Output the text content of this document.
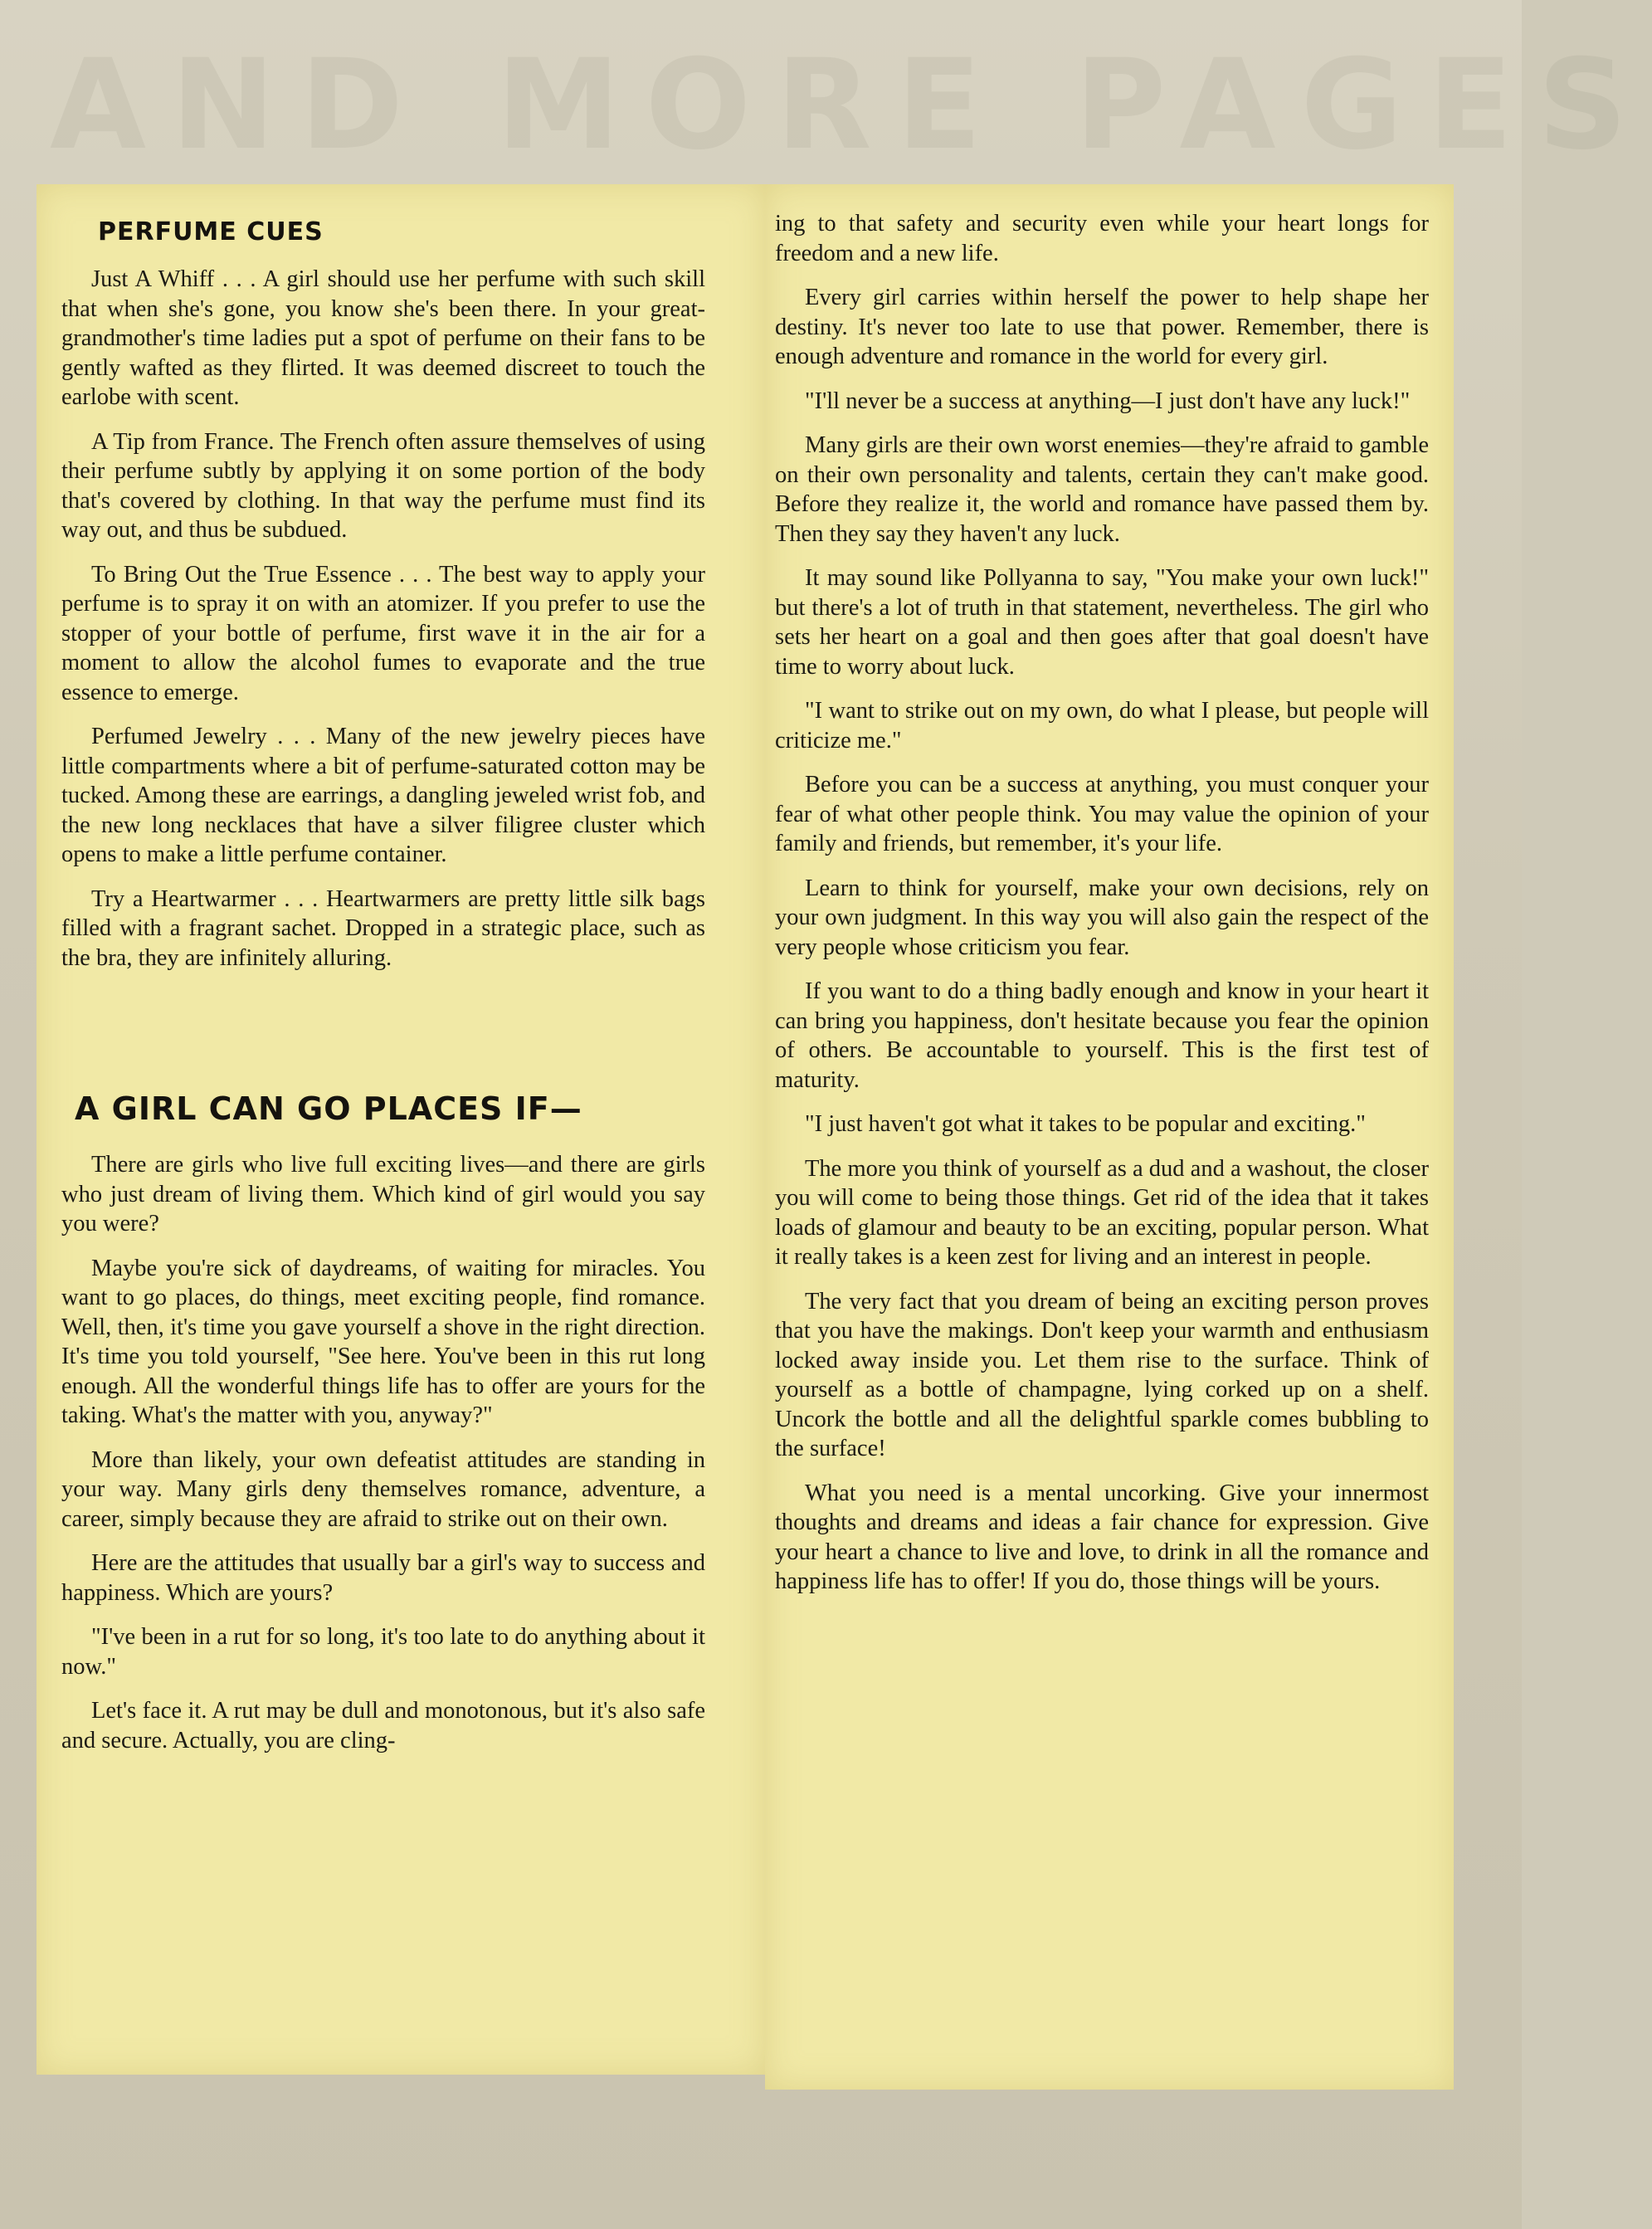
AND MORE PAGES
PERFUME CUES

Just A Whiff . . . A girl should use her perfume with such skill that when she's gone, you know she's been there. In your great-grandmother's time ladies put a spot of perfume on their fans to be gently wafted as they flirted. It was deemed discreet to touch the earlobe with scent.

A Tip from France. The French often assure themselves of using their perfume subtly by applying it on some portion of the body that's covered by clothing. In that way the perfume must find its way out, and thus be subdued.

To Bring Out the True Essence . . . The best way to apply your perfume is to spray it on with an atomizer. If you prefer to use the stopper of your bottle of perfume, first wave it in the air for a moment to allow the alcohol fumes to evaporate and the true essence to emerge.

Perfumed Jewelry . . . Many of the new jewelry pieces have little compartments where a bit of perfume-saturated cotton may be tucked. Among these are earrings, a dangling jeweled wrist fob, and the new long necklaces that have a silver filigree cluster which opens to make a little perfume container.

Try a Heartwarmer . . . Heartwarmers are pretty little silk bags filled with a fragrant sachet. Dropped in a strategic place, such as the bra, they are infinitely alluring.

A GIRL CAN GO PLACES IF—

There are girls who live full exciting lives—and there are girls who just dream of living them. Which kind of girl would you say you were?

Maybe you're sick of daydreams, of waiting for miracles. You want to go places, do things, meet exciting people, find romance. Well, then, it's time you gave yourself a shove in the right direction. It's time you told yourself, "See here. You've been in this rut long enough. All the wonderful things life has to offer are yours for the taking. What's the matter with you, anyway?"

More than likely, your own defeatist attitudes are standing in your way. Many girls deny themselves romance, adventure, a career, simply because they are afraid to strike out on their own.

Here are the attitudes that usually bar a girl's way to success and happiness. Which are yours?

"I've been in a rut for so long, it's too late to do anything about it now."

Let's face it. A rut may be dull and monotonous, but it's also safe and secure. Actually, you are cling-

ing to that safety and security even while your heart longs for freedom and a new life.

Every girl carries within herself the power to help shape her destiny. It's never too late to use that power. Remember, there is enough adventure and romance in the world for every girl.

"I'll never be a success at anything—I just don't have any luck!"

Many girls are their own worst enemies—they're afraid to gamble on their own personality and talents, certain they can't make good. Before they realize it, the world and romance have passed them by. Then they say they haven't any luck.

It may sound like Pollyanna to say, "You make your own luck!" but there's a lot of truth in that statement, nevertheless. The girl who sets her heart on a goal and then goes after that goal doesn't have time to worry about luck.

"I want to strike out on my own, do what I please, but people will criticize me."

Before you can be a success at anything, you must conquer your fear of what other people think. You may value the opinion of your family and friends, but remember, it's your life.

Learn to think for yourself, make your own decisions, rely on your own judgment. In this way you will also gain the respect of the very people whose criticism you fear.

If you want to do a thing badly enough and know in your heart it can bring you happiness, don't hesitate because you fear the opinion of others. Be accountable to yourself. This is the first test of maturity.

"I just haven't got what it takes to be popular and exciting."

The more you think of yourself as a dud and a washout, the closer you will come to being those things. Get rid of the idea that it takes loads of glamour and beauty to be an exciting, popular person. What it really takes is a keen zest for living and an interest in people.

The very fact that you dream of being an exciting person proves that you have the makings. Don't keep your warmth and enthusiasm locked away inside you. Let them rise to the surface. Think of yourself as a bottle of champagne, lying corked up on a shelf. Uncork the bottle and all the delightful sparkle comes bubbling to the surface!

What you need is a mental uncorking. Give your innermost thoughts and dreams and ideas a fair chance for expression. Give your heart a chance to live and love, to drink in all the romance and happiness life has to offer! If you do, those things will be yours.
